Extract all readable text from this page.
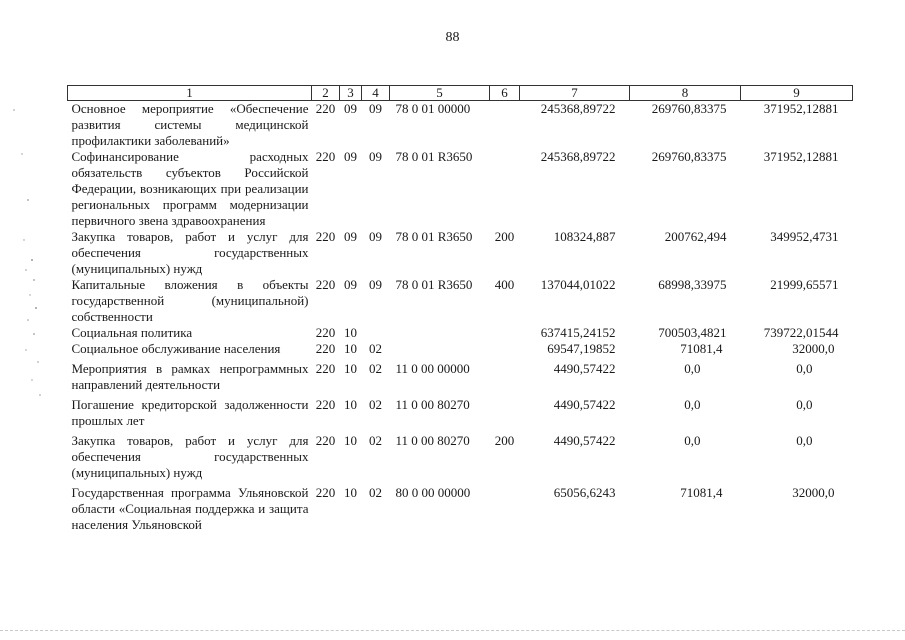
88
1	2	3	4	5	6	7	8	9
Основное мероприятие «Обеспечение развития системы медицинской профилактики заболеваний»	220	09	09	78 0 01 00000		245368,89722	269760,83375	371952,12881
Софинансирование расходных обязательств субъектов Российской Федерации, возникающих при реализации региональных программ модернизации первичного звена здравоохранения	220	09	09	78 0 01 R3650		245368,89722	269760,83375	371952,12881
Закупка товаров, работ и услуг для обеспечения государственных (муниципальных) нужд	220	09	09	78 0 01 R3650	200	108324,887	200762,494	349952,4731
Капитальные вложения в объекты государственной (муниципальной) собственности	220	09	09	78 0 01 R3650	400	137044,01022	68998,33975	21999,65571
Социальная политика	220	10				637415,24152	700503,4821	739722,01544
Социальное обслуживание населения	220	10	02			69547,19852	71081,4	32000,0
Мероприятия в рамках непрограммных направлений деятельности	220	10	02	11 0 00 00000		4490,57422	0,0	0,0
Погашение кредиторской задолженности прошлых лет	220	10	02	11 0 00 80270		4490,57422	0,0	0,0
Закупка товаров, работ и услуг для обеспечения государственных (муниципальных) нужд	220	10	02	11 0 00 80270	200	4490,57422	0,0	0,0
Государственная программа Ульяновской области «Социальная поддержка и защита населения Ульяновской	220	10	02	80 0 00 00000		65056,6243	71081,4	32000,0
